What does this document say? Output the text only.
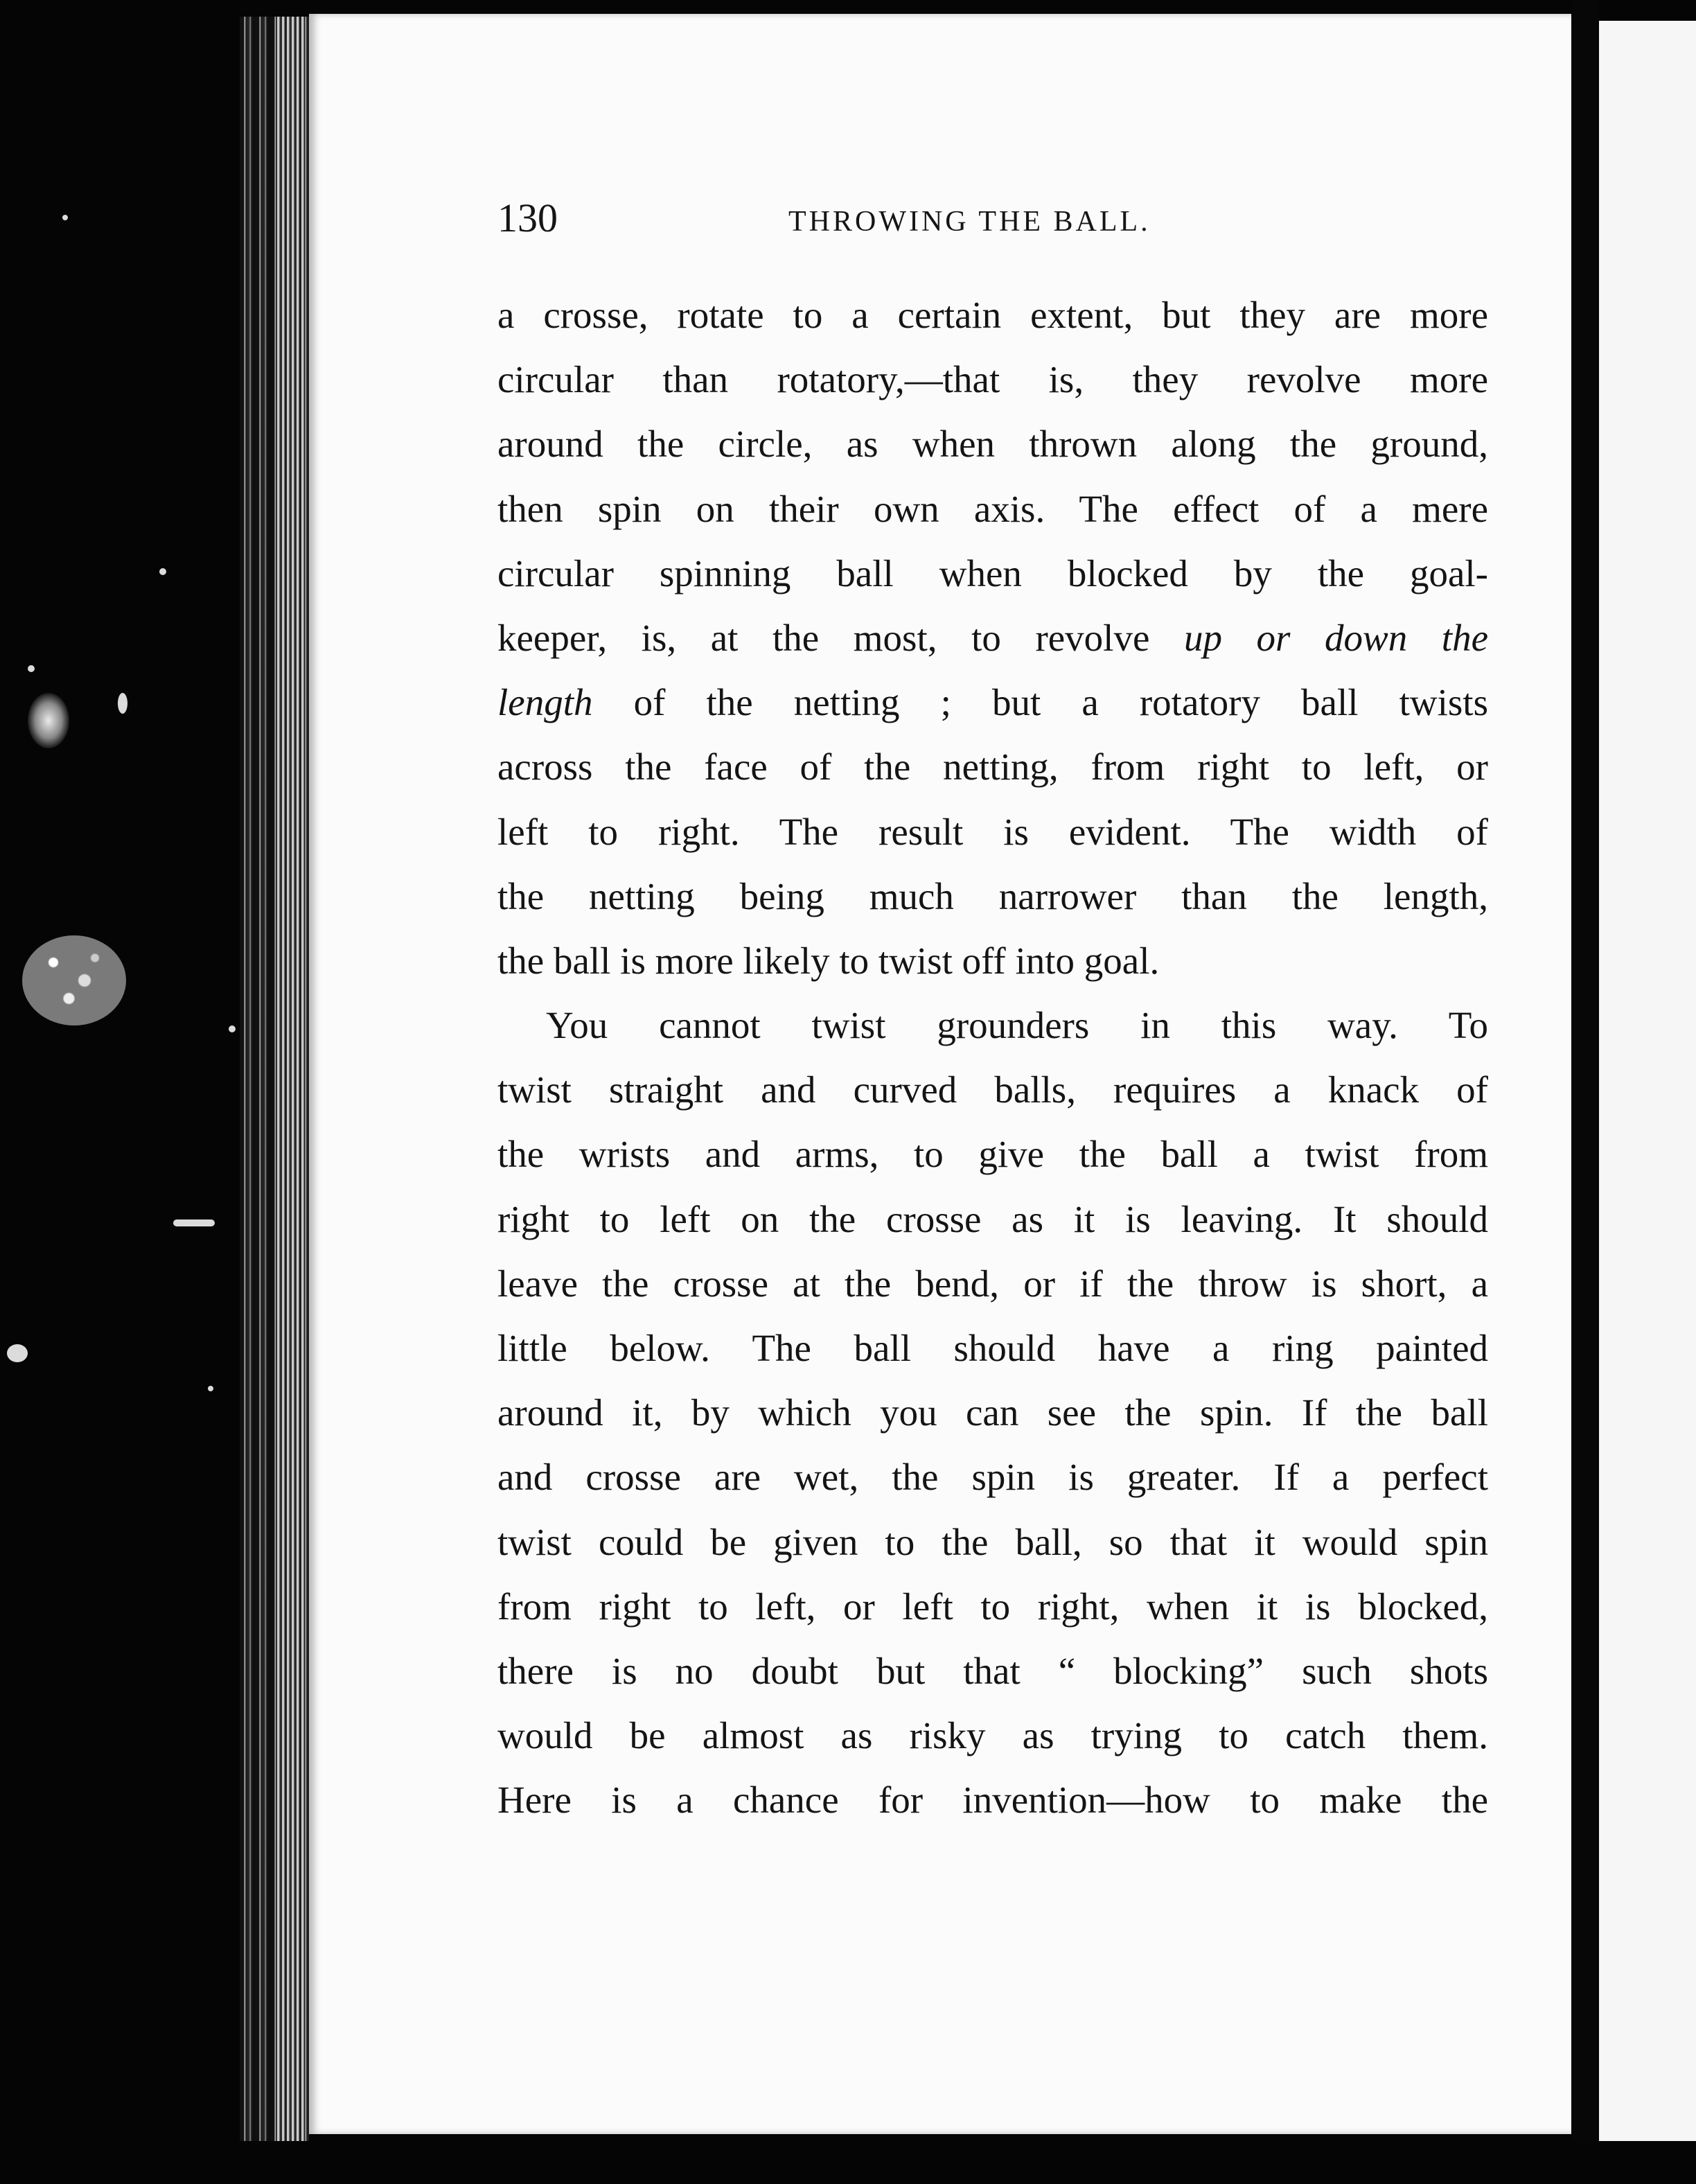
130	THROWING THE BALL.
a crosse, rotate to a certain extent, but they are more
circular than rotatory,—that is, they revolve more
around the circle, as when thrown along the ground,
then spin on their own axis. The effect of a mere
circular spinning ball when blocked by the goal-
keeper, is, at the most, to revolve up or down the
length of the netting ; but a rotatory ball twists
across the face of the netting, from right to left, or
left to right. The result is evident. The width of
the netting being much narrower than the length,
the ball is more likely to twist off into goal.
You cannot twist grounders in this way. To
twist straight and curved balls, requires a knack of
the wrists and arms, to give the ball a twist from
right to left on the crosse as it is leaving. It should
leave the crosse at the bend, or if the throw is short, a
little below. The ball should have a ring painted
around it, by which you can see the spin. If the ball
and crosse are wet, the spin is greater. If a perfect
twist could be given to the ball, so that it would spin
from right to left, or left to right, when it is blocked,
there is no doubt but that “ blocking” such shots
would be almost as risky as trying to catch them.
Here is a chance for invention—how to make the
